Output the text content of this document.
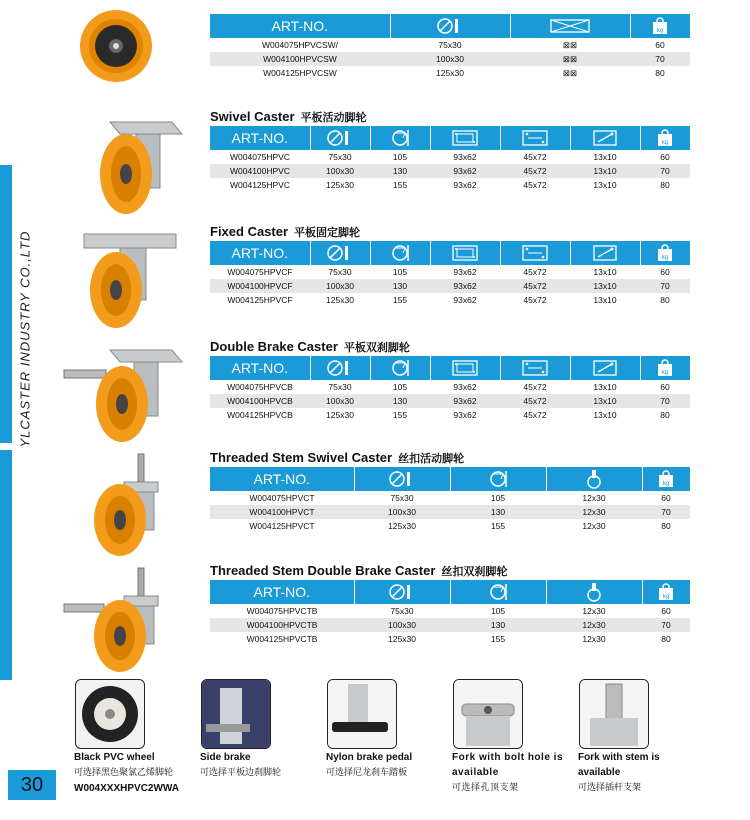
YLCASTER INDUSTRY CO.,LTD
30
ART-NO.			kg

W004075HPVCSW/	75x30	⊠⊠	60
W004100HPVCSW	100x30	⊠⊠	70
W004125HPVCSW	125x30	⊠⊠	80
Swivel Caster 平板活动脚轮
ART-NO.						kg

W004075HPVC	75x30	105	93x62	45x72	13x10	60
W004100HPVC	100x30	130	93x62	45x72	13x10	70
W004125HPVC	125x30	155	93x62	45x72	13x10	80
Fixed Caster 平板固定脚轮
ART-NO.						kg

W004075HPVCF	75x30	105	93x62	45x72	13x10	60
W004100HPVCF	100x30	130	93x62	45x72	13x10	70
W004125HPVCF	125x30	155	93x62	45x72	13x10	80
Double Brake Caster 平板双刹脚轮
ART-NO.						kg

W004075HPVCB	75x30	105	93x62	45x72	13x10	60
W004100HPVCB	100x30	130	93x62	45x72	13x10	70
W004125HPVCB	125x30	155	93x62	45x72	13x10	80
Threaded Stem Swivel Caster 丝扣活动脚轮
ART-NO.				kg

W004075HPVCT	75x30	105	12x30	60
W004100HPVCT	100x30	130	12x30	70
W004125HPVCT	125x30	155	12x30	80
Threaded Stem Double Brake Caster 丝扣双刹脚轮
ART-NO.				kg

W004075HPVCTB	75x30	105	12x30	60
W004100HPVCTB	100x30	130	12x30	70
W004125HPVCTB	125x30	155	12x30	80
Black PVC wheel
可选择黑色聚氯乙烯脚轮
W004XXXHPVC2WWA
Side brake
可选择平板边刹脚轮
Nylon brake pedal
可选择尼龙刹车踏板
Fork with bolt hole is available
可选择孔顶支架
Fork with stem is available
可选择插杆支架
